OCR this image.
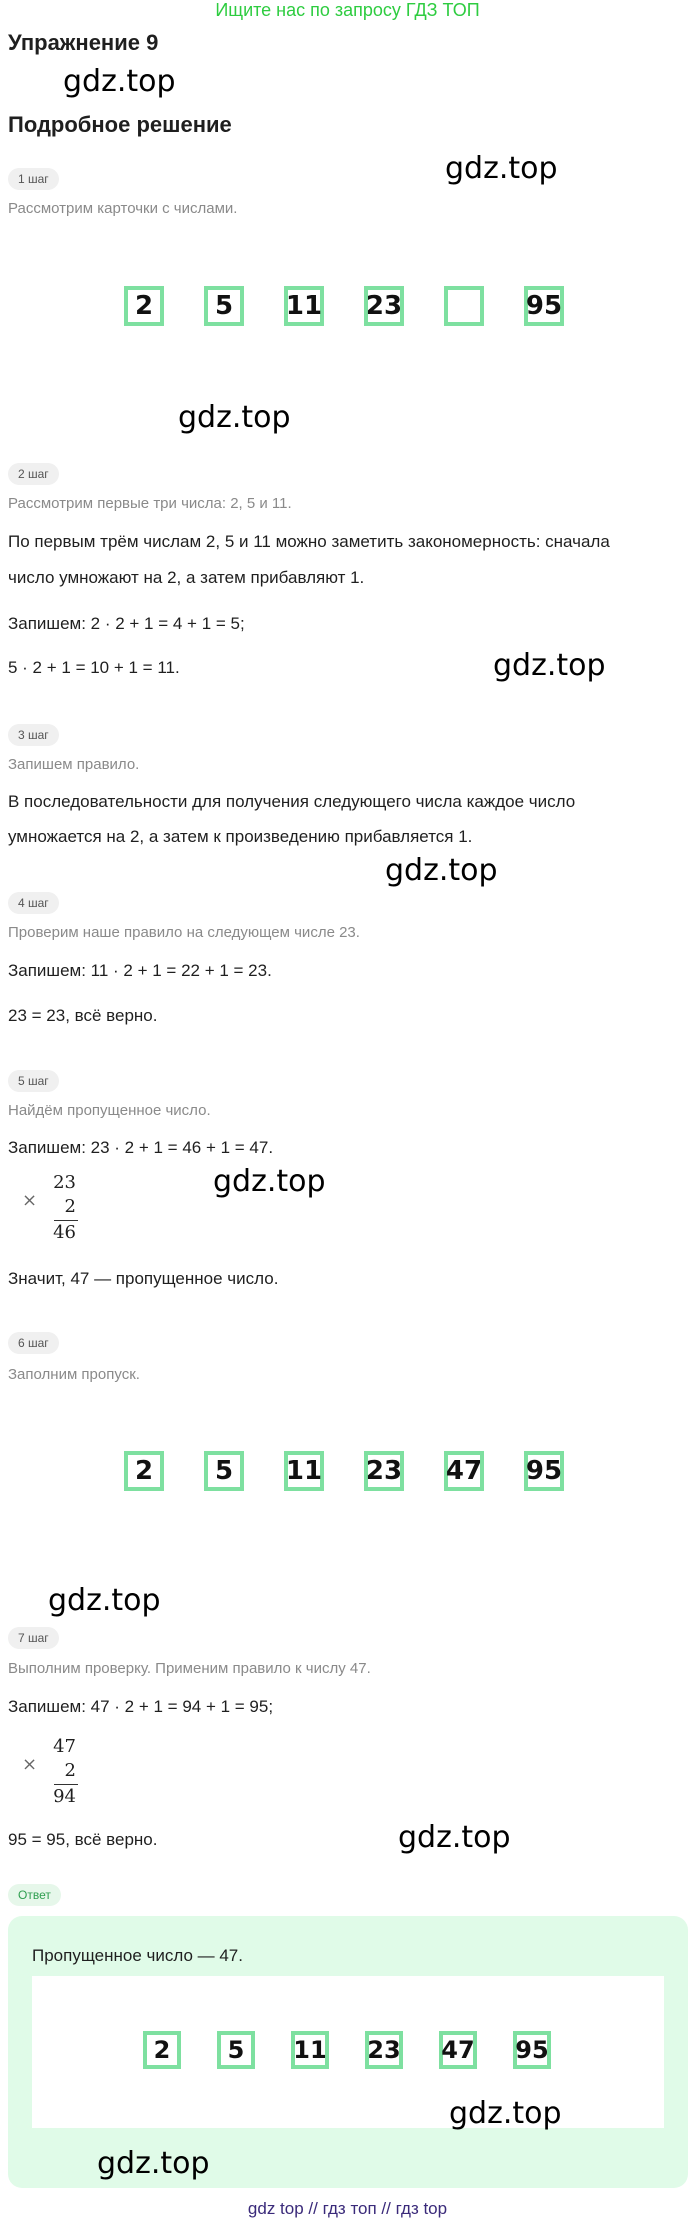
Ищите нас по запросу ГДЗ ТОП
Упражнение 9
gdz.top
Подробное решение
1 шаг	gdz.top
Рассмотрим карточки с числами.
2	5	11 23	95
gdz.top
2 шаг
Рассмотрим первые три числа: 2, 5 и 11.
По первым трём числам 2, 5 и 11 можно заметить закономерность: сначала
число умножают на 2, а затем прибавляют 1.
Запишем: 2 · 2 + 1 = 4 + 1 = 5;
5 · 2 + 1 = 10 + 1 = 11.	gdz.top
3 шаг
Запишем правило.
В последовательности для получения следующего числа каждое число
умножается на 2, а затем к произведению прибавляется 1.
gdz.top
4 шаг
Проверим наше правило на следующем числе 23.
Запишем: 11 · 2 + 1 = 22 + 1 = 23.
23 = 23, всё верно.
5 шаг
Найдём пропущенное число.
Запишем: 23 · 2 + 1 = 46 + 1 = 47.
×
23
2
46
gdz.top
Значит, 47 — пропущенное число.
6 шаг
Заполним пропуск.
2	5	11 23 47 95
gdz.top
7 шаг
Выполним проверку. Применим правило к числу 47.
Запишем: 47 · 2 + 1 = 94 + 1 = 95;
×
47
2
94
95 = 95, всё верно.	gdz.top
Ответ
Пропущенное число — 47.
2	5	11 23 47 95
gdz.top
gdz.top
gdz top // гдз топ // гдз top
